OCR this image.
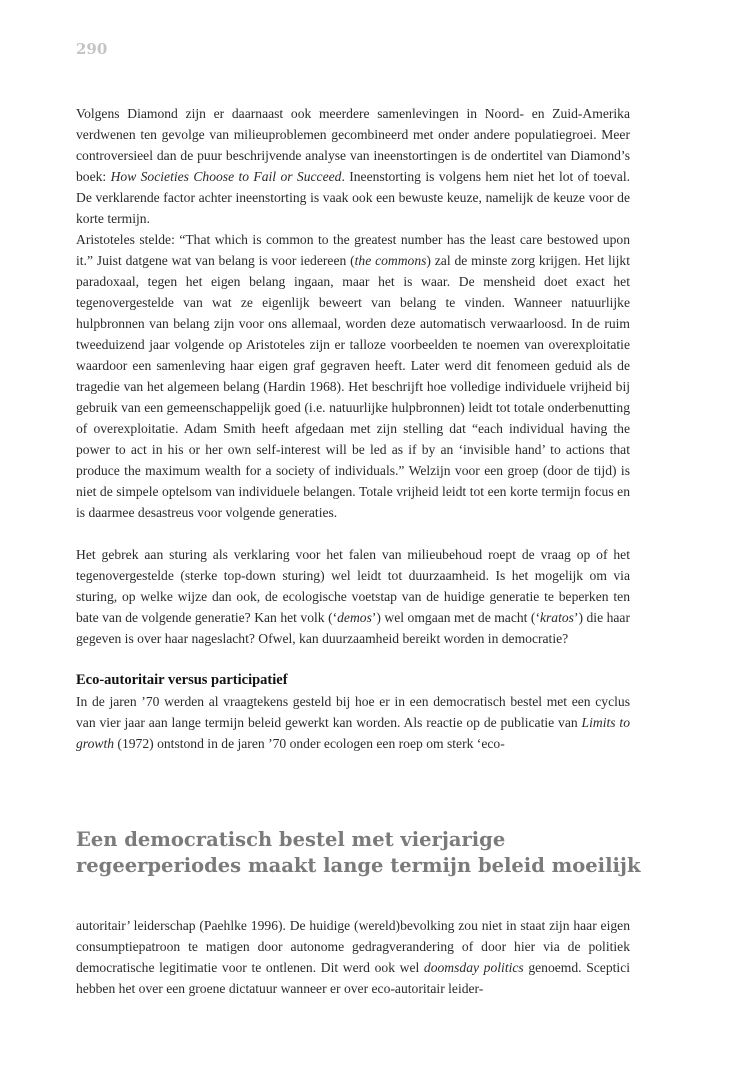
290

Volgens Diamond zijn er daarnaast ook meerdere samenlevingen in Noord- en Zuid-Amerika verdwenen ten gevolge van milieuproblemen gecombineerd met onder andere populatiegroei. Meer controversieel dan de puur beschrijvende analyse van ineenstortingen is de ondertitel van Diamond’s boek: How Societies Choose to Fail or Succeed. Ineenstorting is volgens hem niet het lot of toeval. De verklarende factor achter ineenstorting is vaak ook een bewuste keuze, namelijk de keuze voor de korte termijn.

Aristoteles stelde: “That which is common to the greatest number has the least care bestowed upon it.” Juist datgene wat van belang is voor iedereen (the commons) zal de minste zorg krijgen. Het lijkt paradoxaal, tegen het eigen belang ingaan, maar het is waar. De mensheid doet exact het tegenovergestelde van wat ze eigenlijk beweert van belang te vinden. Wanneer natuurlijke hulpbronnen van belang zijn voor ons allemaal, worden deze automatisch verwaarloosd. In de ruim tweeduizend jaar volgende op Aristoteles zijn er talloze voorbeelden te noemen van overexploitatie waardoor een samenleving haar eigen graf gegraven heeft. Later werd dit fenomeen geduid als de tragedie van het algemeen belang (Hardin 1968). Het beschrijft hoe volledige individuele vrijheid bij gebruik van een gemeenschappelijk goed (i.e. natuurlijke hulpbronnen) leidt tot totale onderbenutting of overexploitatie. Adam Smith heeft afgedaan met zijn stelling dat “each individual having the power to act in his or her own self-interest will be led as if by an ‘invisible hand’ to actions that produce the maximum wealth for a society of individuals.” Welzijn voor een groep (door de tijd) is niet de simpele optelsom van individuele belangen. Totale vrijheid leidt tot een korte termijn focus en is daarmee desastreus voor volgende generaties.

Het gebrek aan sturing als verklaring voor het falen van milieubehoud roept de vraag op of het tegenovergestelde (sterke top-down sturing) wel leidt tot duurzaamheid. Is het mogelijk om via sturing, op welke wijze dan ook, de ecologische voetstap van de huidige generatie te beperken ten bate van de volgende generatie? Kan het volk (‘demos’) wel omgaan met de macht (‘kratos’) die haar gegeven is over haar nageslacht? Ofwel, kan duurzaamheid bereikt worden in democratie?

Eco-autoritair versus participatief

In de jaren ’70 werden al vraagtekens gesteld bij hoe er in een democratisch bestel met een cyclus van vier jaar aan lange termijn beleid gewerkt kan worden. Als reactie op de publicatie van Limits to growth (1972) ontstond in de jaren ’70 onder ecologen een roep om sterk ‘eco-

Een democratisch bestel met vierjarige
regeerperiodes maakt lange termijn beleid moeilijk

autoritair’ leiderschap (Paehlke 1996). De huidige (wereld)bevolking zou niet in staat zijn haar eigen consumptiepatroon te matigen door autonome gedragverandering of door hier via de politiek democratische legitimatie voor te ontlenen. Dit werd ook wel doomsday politics genoemd. Sceptici hebben het over een groene dictatuur wanneer er over eco-autoritair leider-
